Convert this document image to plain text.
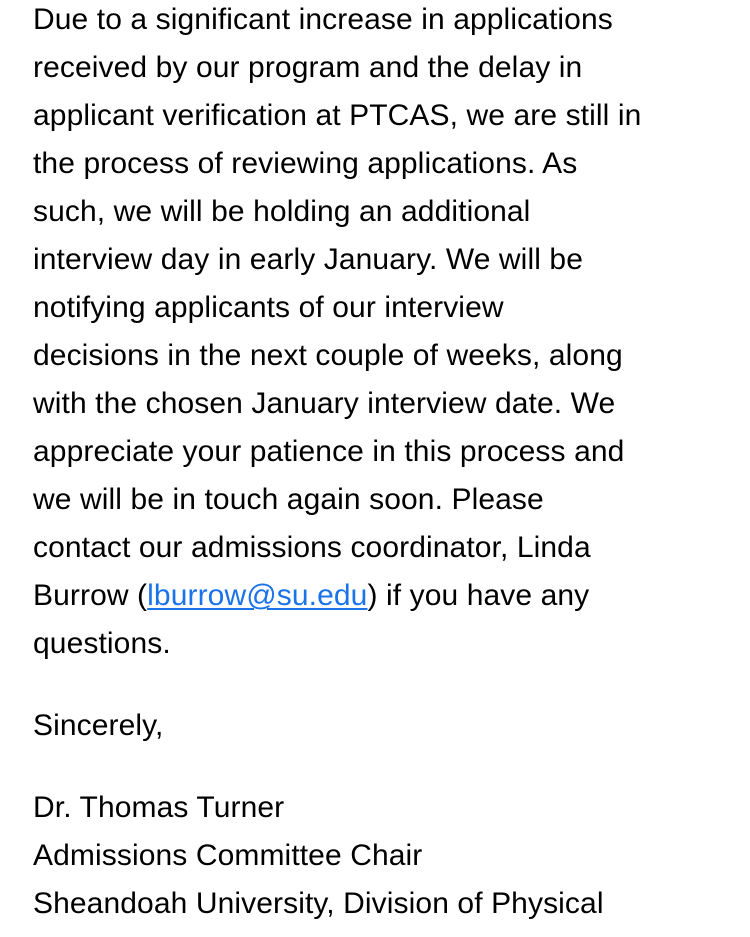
Due to a significant increase in applications
received by our program and the delay in
applicant verification at PTCAS, we are still in
the process of reviewing applications. As
such, we will be holding an additional
interview day in early January. We will be
notifying applicants of our interview
decisions in the next couple of weeks, along
with the chosen January interview date. We
appreciate your patience in this process and
we will be in touch again soon. Please
contact our admissions coordinator, Linda
Burrow (lburrow@su.edu) if you have any
questions.
Sincerely,
Dr. Thomas Turner
Admissions Committee Chair
Sheandoah University, Division of Physical
